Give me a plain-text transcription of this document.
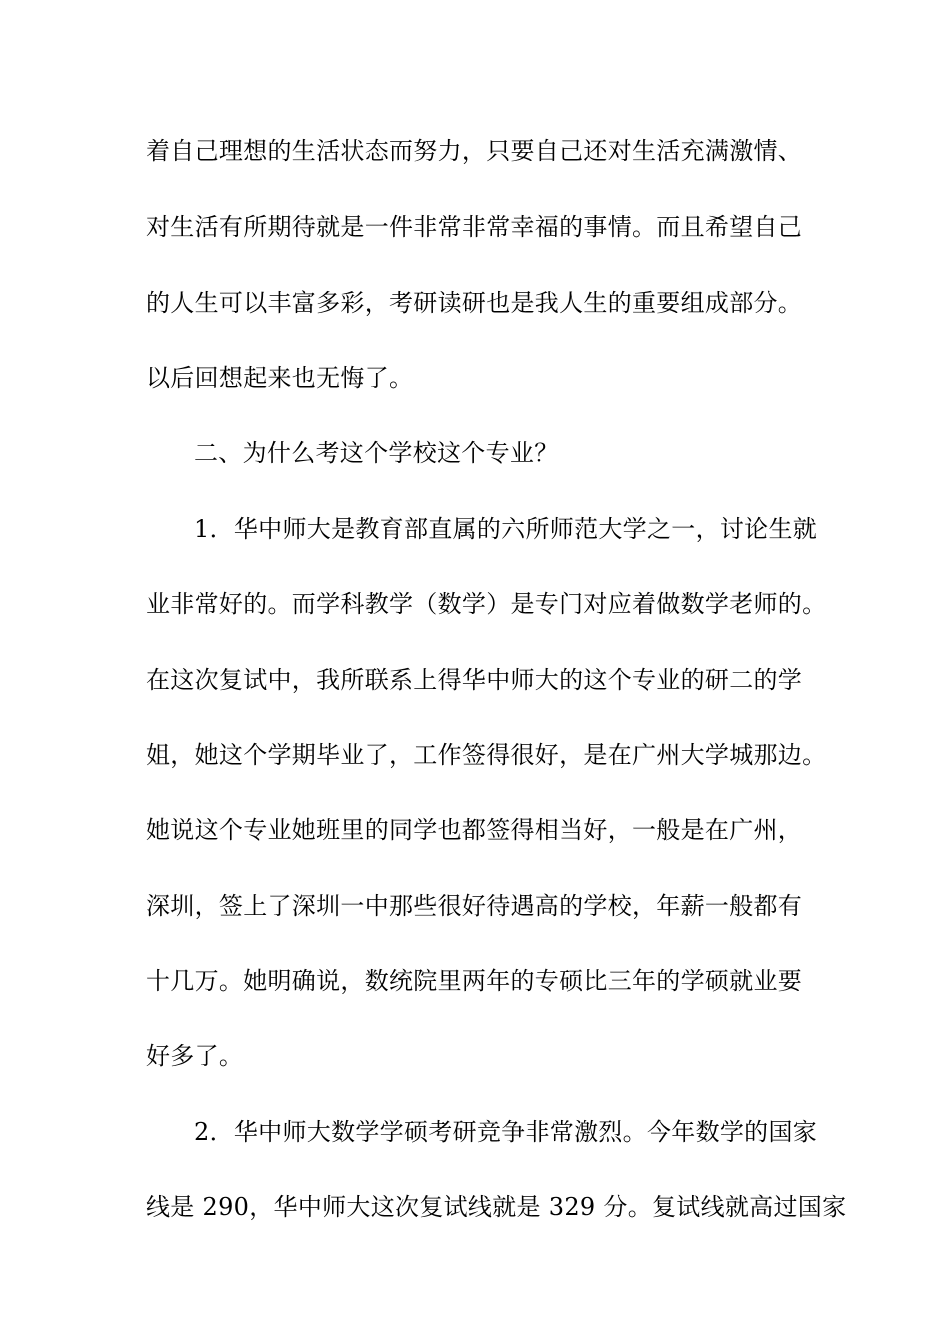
着自己理想的生活状态而努力，只要自己还对生活充满激情、
对生活有所期待就是一件非常非常幸福的事情。而且希望自己
的人生可以丰富多彩，考研读研也是我人生的重要组成部分。
以后回想起来也无悔了。
二、为什么考这个学校这个专业？
1．华中师大是教育部直属的六所师范大学之一，讨论生就
业非常好的。而学科教学（数学）是专门对应着做数学老师的。
在这次复试中，我所联系上得华中师大的这个专业的研二的学
姐，她这个学期毕业了，工作签得很好，是在广州大学城那边。
她说这个专业她班里的同学也都签得相当好，一般是在广州，
深圳，签上了深圳一中那些很好待遇高的学校，年薪一般都有
十几万。她明确说，数统院里两年的专硕比三年的学硕就业要
好多了。
2．华中师大数学学硕考研竞争非常激烈。今年数学的国家
线是 290，华中师大这次复试线就是 329 分。复试线就高过国家
